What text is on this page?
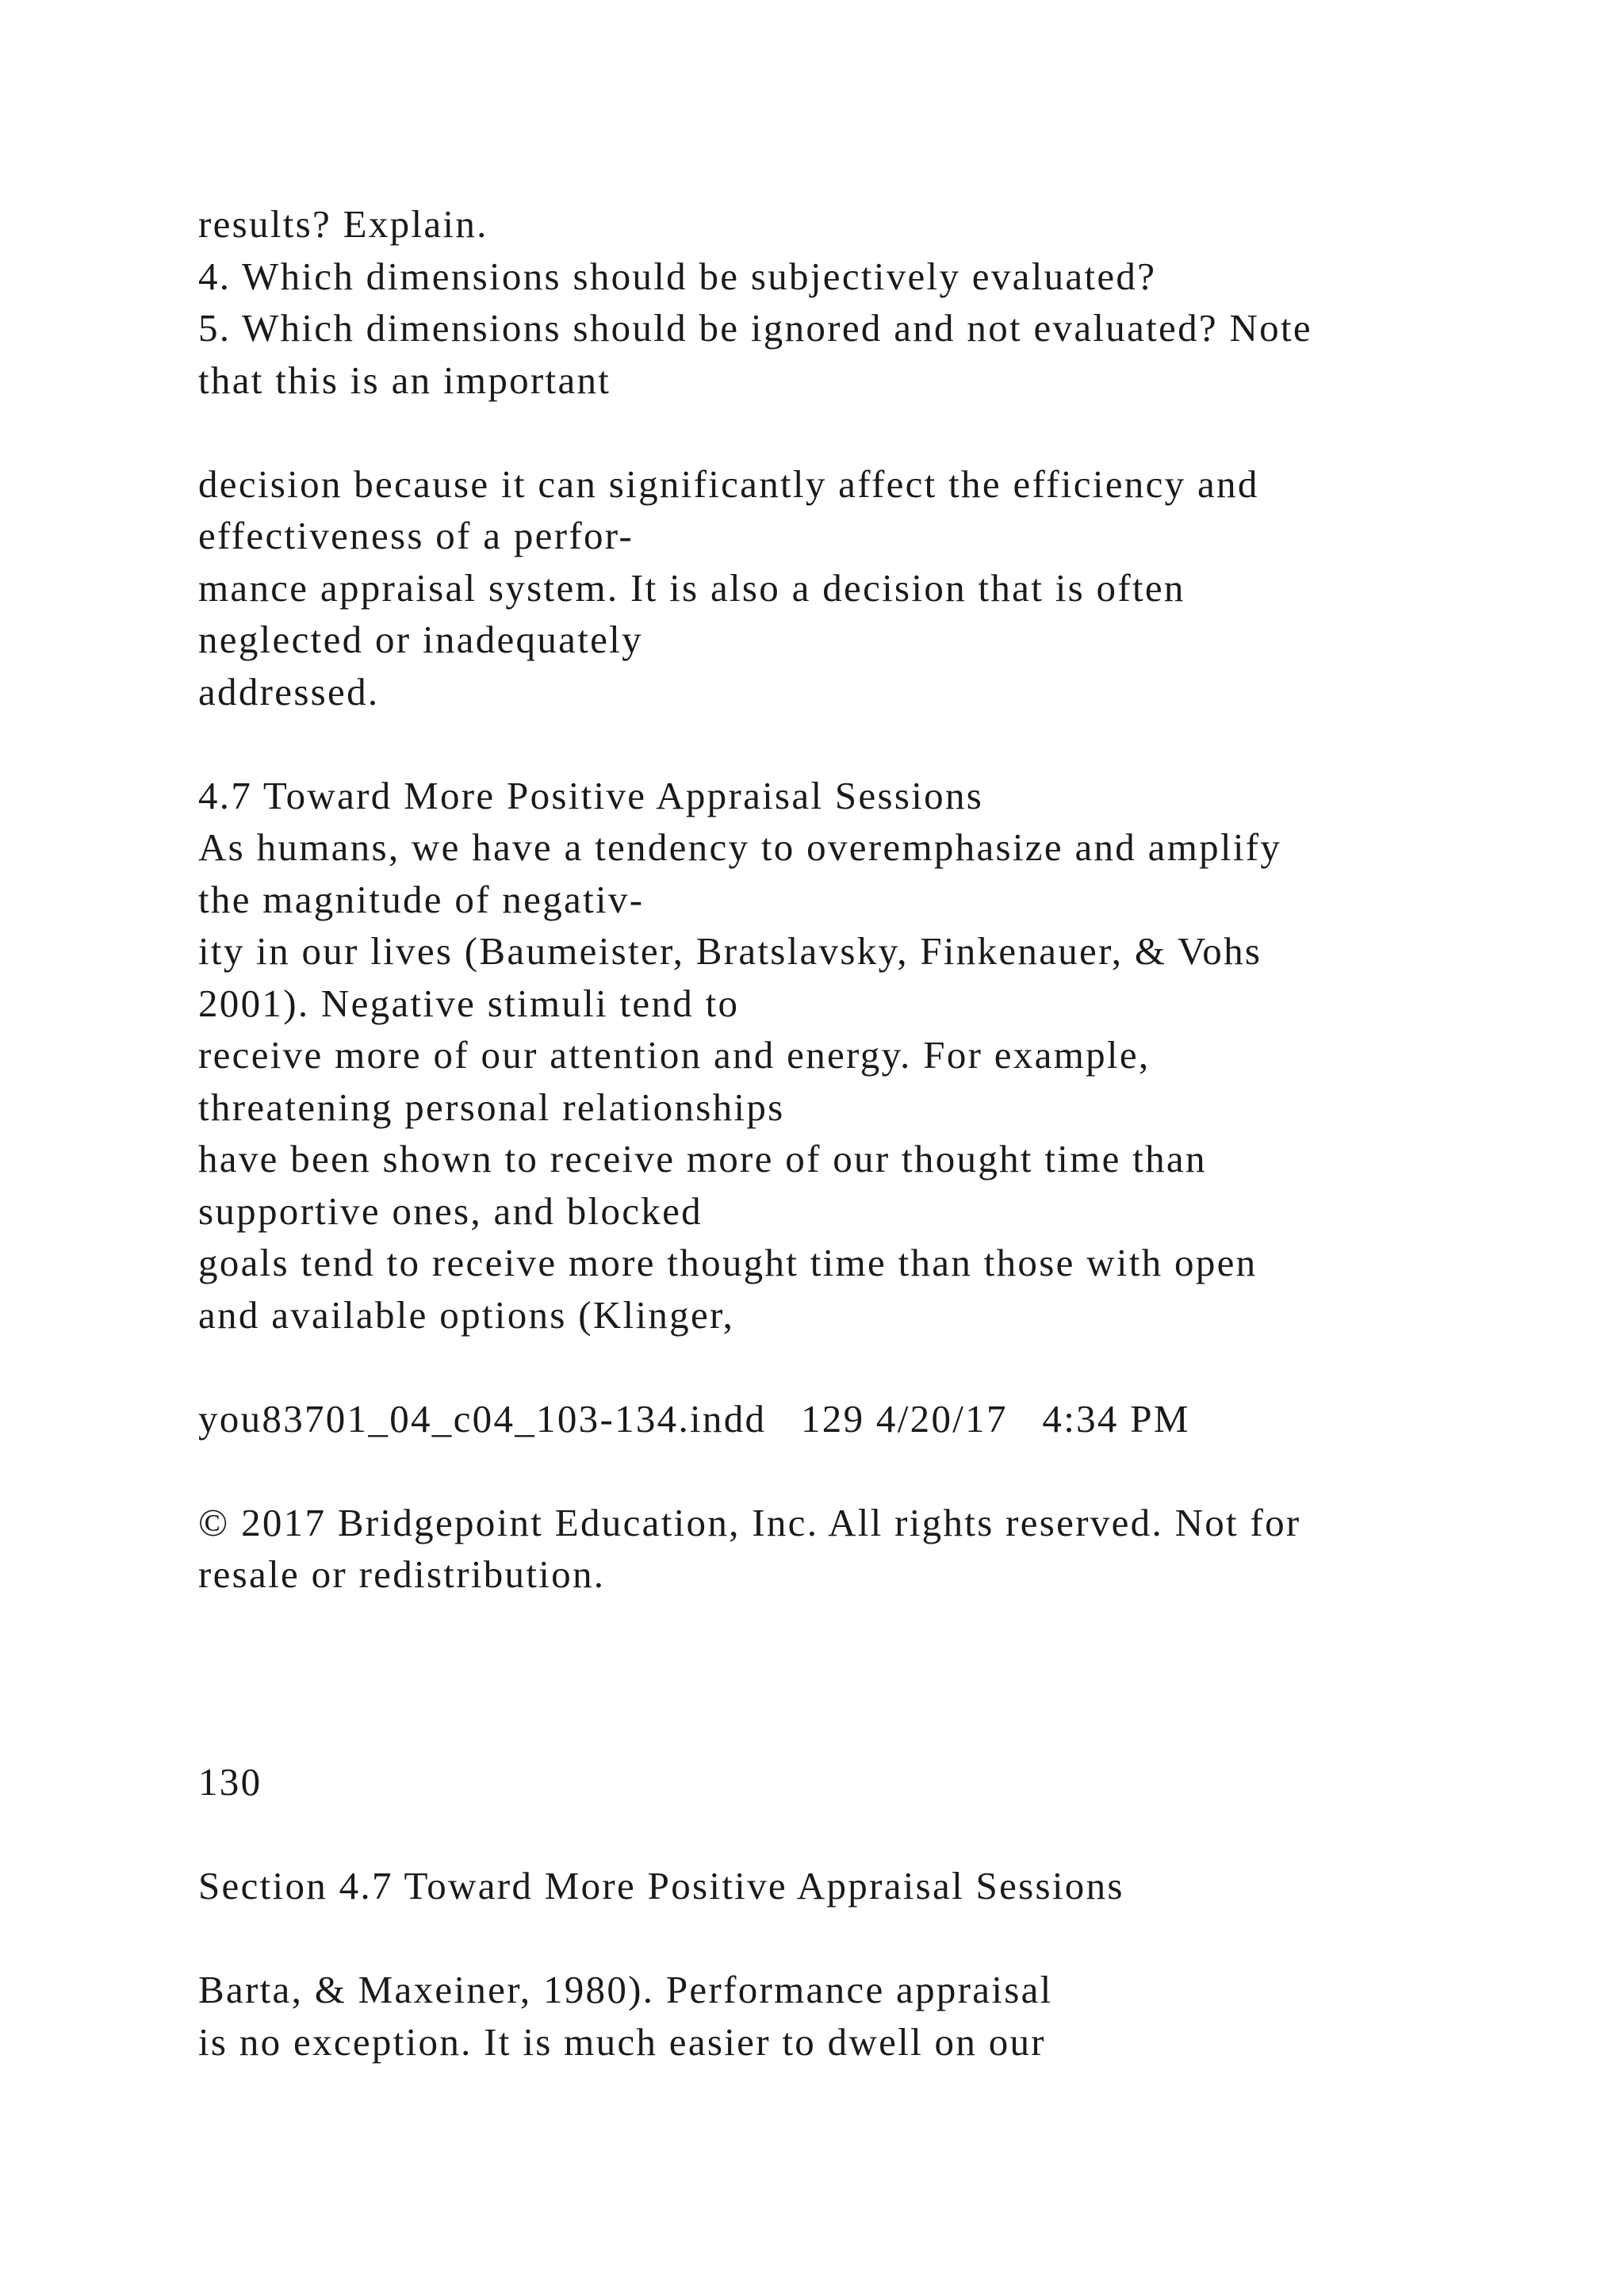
results? Explain.
4. Which dimensions should be subjectively evaluated?
5. Which dimensions should be ignored and not evaluated? Note
that this is an important
decision because it can significantly affect the efficiency and
effectiveness of a perfor-
mance appraisal system. It is also a decision that is often
neglected or inadequately
addressed.
4.7 Toward More Positive Appraisal Sessions
As humans, we have a tendency to overemphasize and amplify
the magnitude of negativ-
ity in our lives (Baumeister, Bratslavsky, Finkenauer, & Vohs
2001). Negative stimuli tend to
receive more of our attention and energy. For example,
threatening personal relationships
have been shown to receive more of our thought time than
supportive ones, and blocked
goals tend to receive more thought time than those with open
and available options (Klinger,
you83701_04_c04_103-134.indd   129 4/20/17   4:34 PM
© 2017 Bridgepoint Education, Inc. All rights reserved. Not for
resale or redistribution.
130
Section 4.7 Toward More Positive Appraisal Sessions
Barta, & Maxeiner, 1980). Performance appraisal
is no exception. It is much easier to dwell on our
